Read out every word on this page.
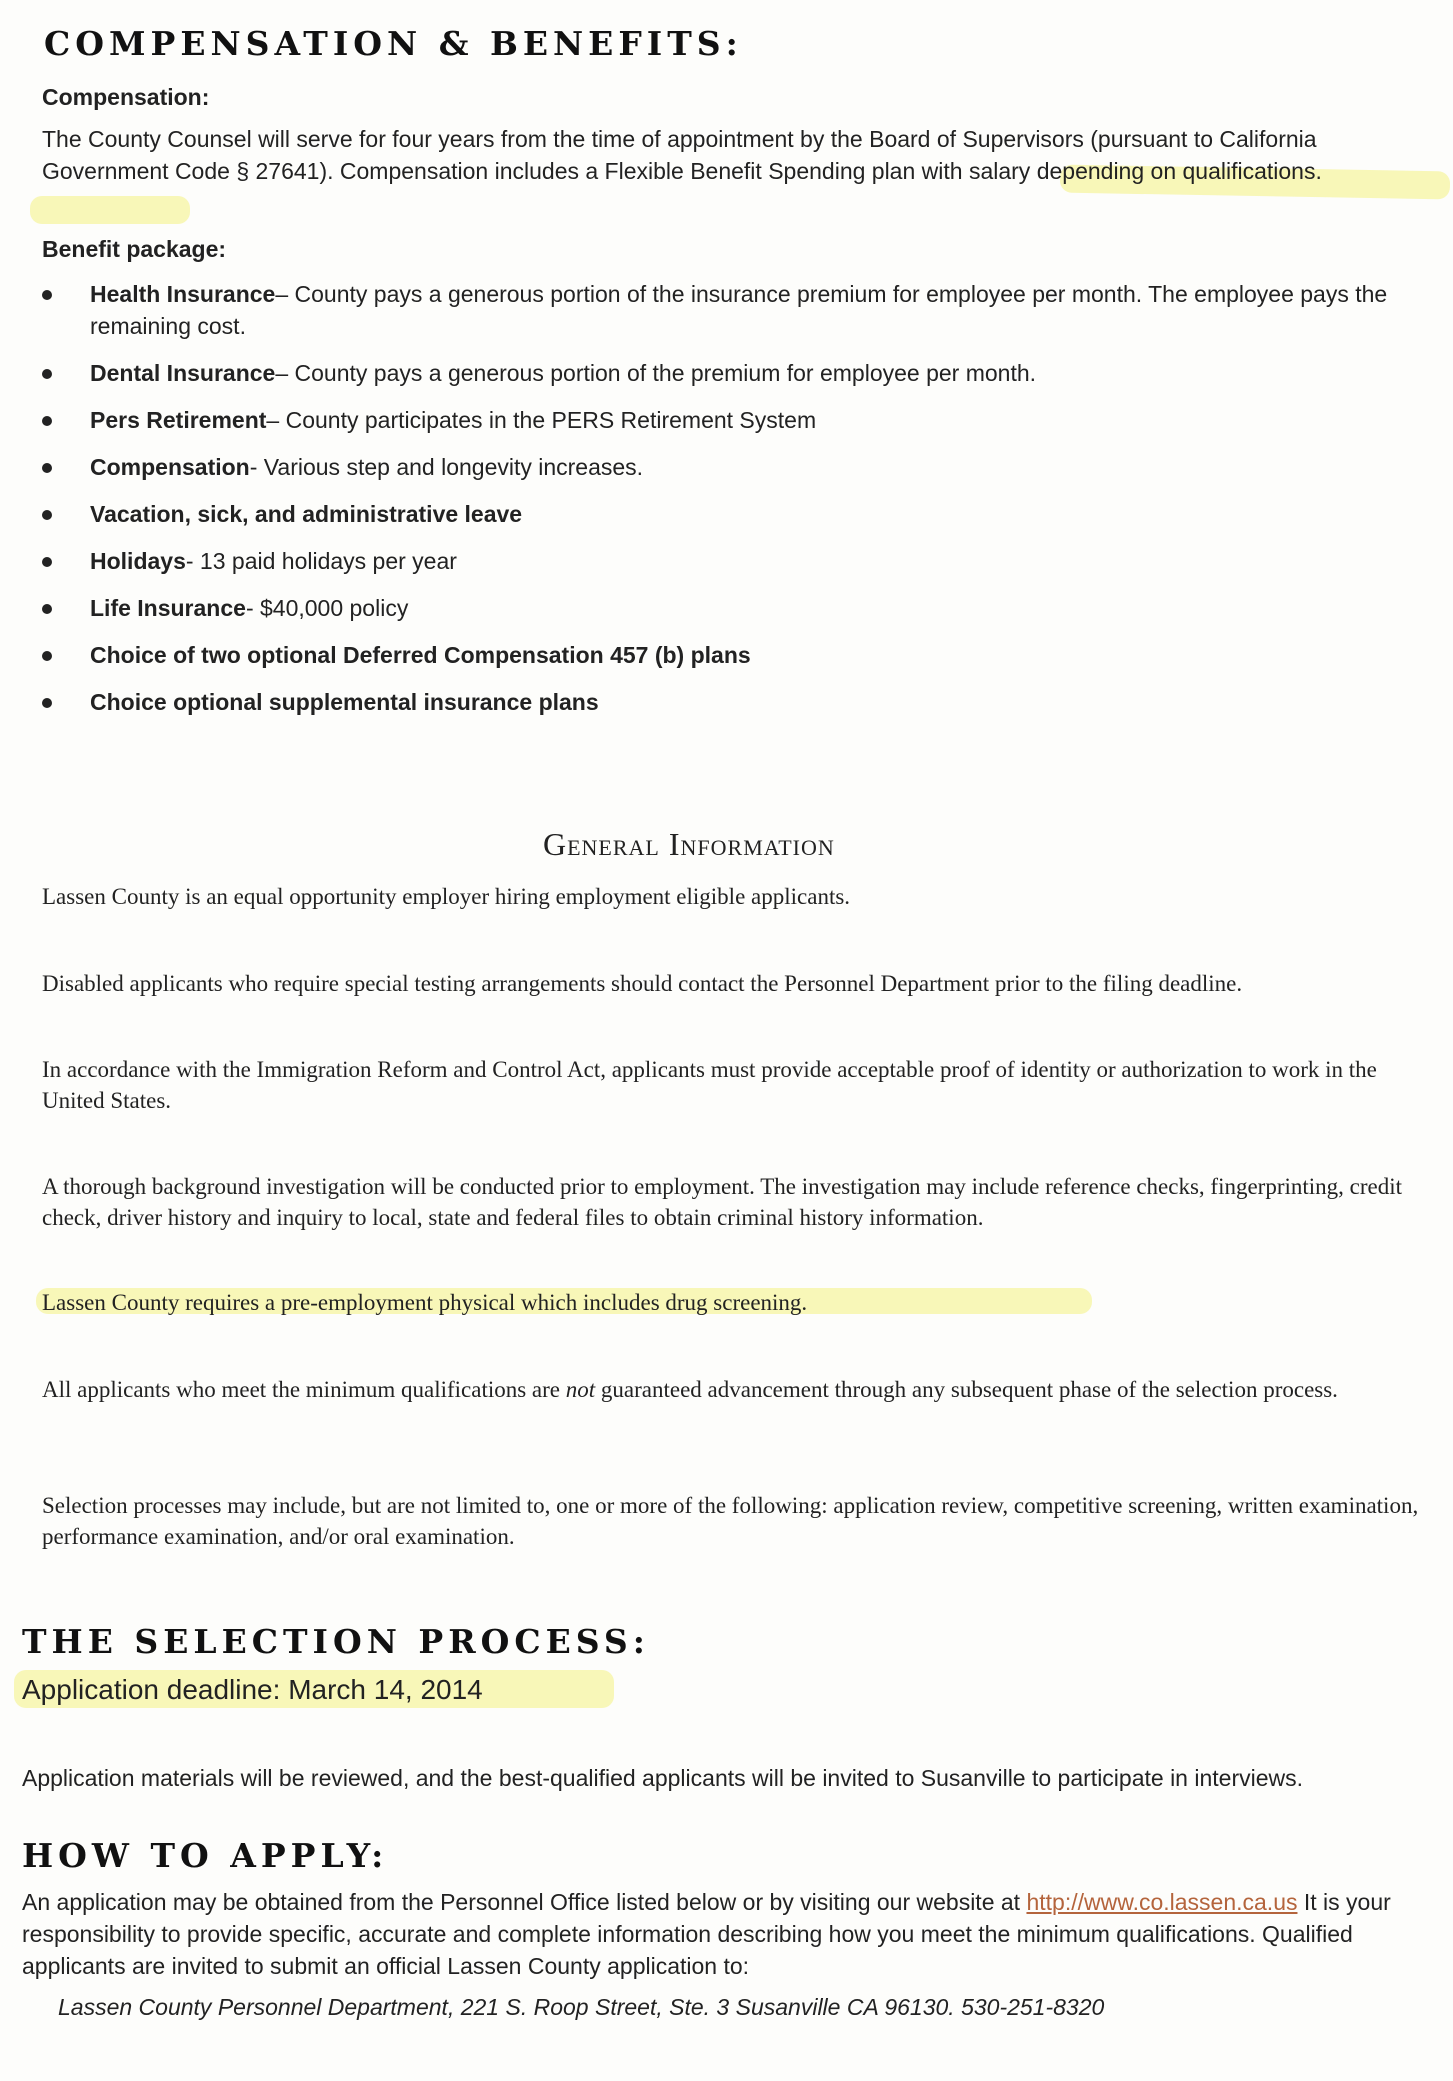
COMPENSATION & BENEFITS:
Compensation:
The County Counsel will serve for four years from the time of appointment by the Board of Supervisors (pursuant to California Government Code § 27641). Compensation includes a Flexible Benefit Spending plan with salary depending on qualifications.
Benefit package:
Health Insurance– County pays a generous portion of the insurance premium for employee per month. The employee pays the remaining cost.
Dental Insurance– County pays a generous portion of the premium for employee per month.
Pers Retirement– County participates in the PERS Retirement System
Compensation- Various step and longevity increases.
Vacation, sick, and administrative leave
Holidays- 13 paid holidays per year
Life Insurance- $40,000 policy
Choice of two optional Deferred Compensation 457 (b) plans
Choice optional supplemental insurance plans
General Information
Lassen County is an equal opportunity employer hiring employment eligible applicants.
Disabled applicants who require special testing arrangements should contact the Personnel Department prior to the filing deadline.
In accordance with the Immigration Reform and Control Act, applicants must provide acceptable proof of identity or authorization to work in the United States.
A thorough background investigation will be conducted prior to employment. The investigation may include reference checks, fingerprinting, credit check, driver history and inquiry to local, state and federal files to obtain criminal history information.
Lassen County requires a pre-employment physical which includes drug screening.
All applicants who meet the minimum qualifications are not guaranteed advancement through any subsequent phase of the selection process.
Selection processes may include, but are not limited to, one or more of the following: application review, competitive screening, written examination, performance examination, and/or oral examination.
THE SELECTION PROCESS:
Application deadline: March 14, 2014
Application materials will be reviewed, and the best-qualified applicants will be invited to Susanville to participate in interviews.
HOW TO APPLY:
An application may be obtained from the Personnel Office listed below or by visiting our website at http://www.co.lassen.ca.us It is your responsibility to provide specific, accurate and complete information describing how you meet the minimum qualifications. Qualified applicants are invited to submit an official Lassen County application to:
Lassen County Personnel Department, 221 S. Roop Street, Ste. 3 Susanville CA 96130. 530-251-8320
